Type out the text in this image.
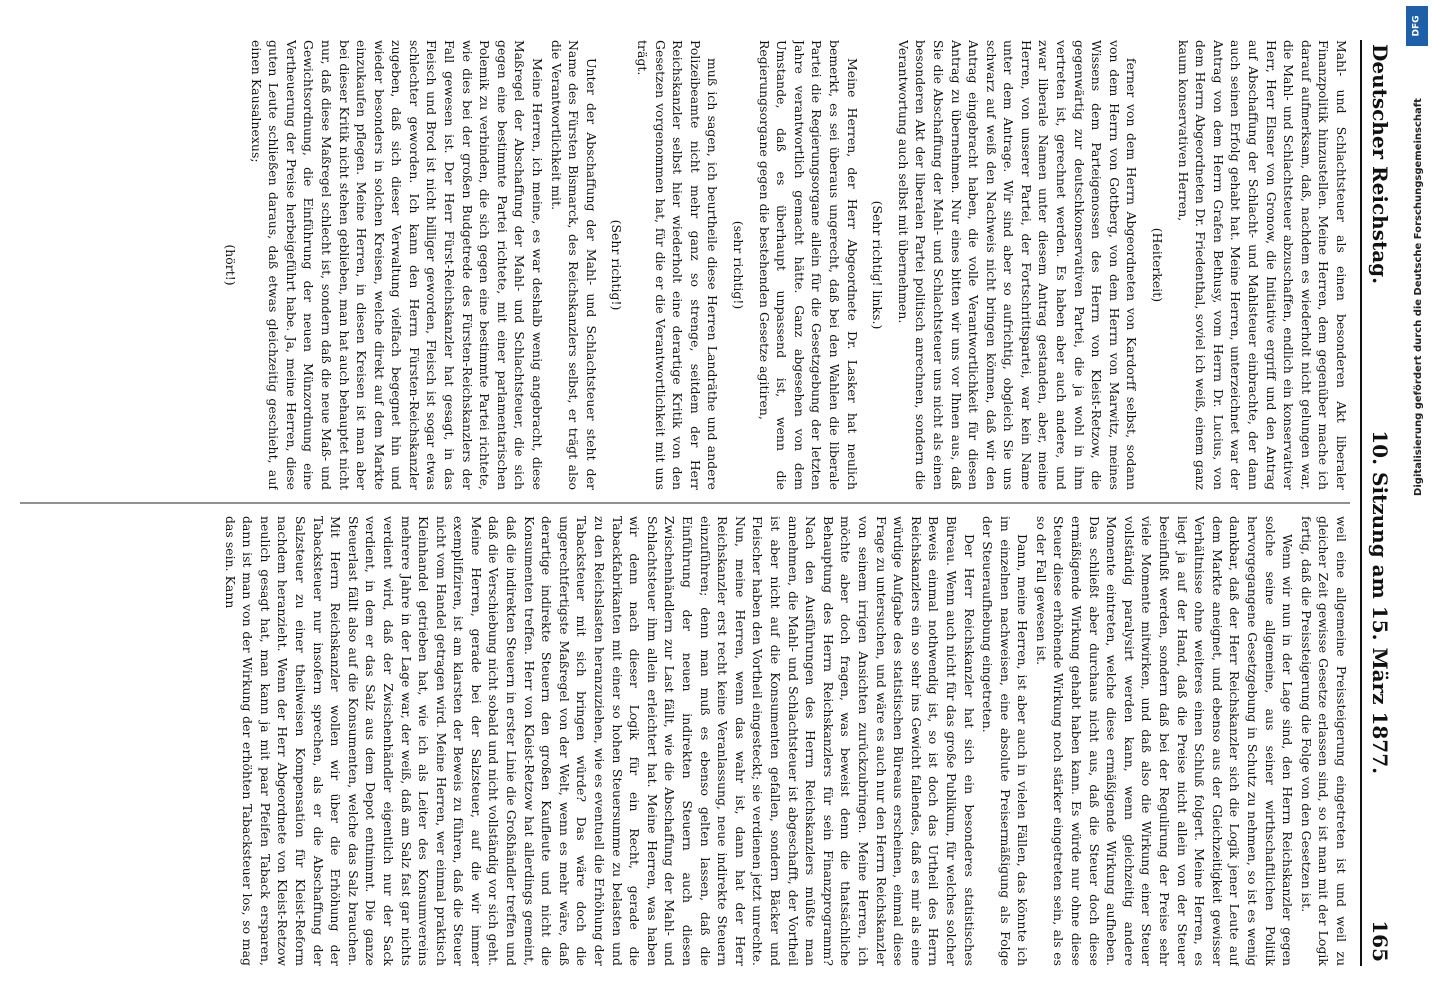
Deutscher Reichstag.
10. Sitzung am 15. März 1877.
165

Mahl- und Schlachtsteuer als einen besonderen Akt liberaler Finanzpolitik hinzustellen. Meine Herren, dem gegenüber mache ich darauf aufmerksam, daß, nachdem es wiederholt nicht gelungen war, die Mahl- und Schlachtsteuer abzuschaffen, endlich ein konservativer Herr, Herr Elsner von Gronow, die Initiative ergriff und den Antrag auf Abschaffung der Schlacht- und Mahlsteuer einbrachte, der dann auch seinen Erfolg gehabt hat. Meine Herren, unterzeichnet war der Antrag von dem Herrn Grafen Bethusy, vom Herrn Dr. Lucius, von dem Herrn Abgeordneten Dr. Friedenthal, soviel ich weiß, einem ganz kaum konservativen Herren,

(Heiterkeit)

ferner von dem Herrn Abgeordneten von Kardorff selbst, sodann von dem Herrn von Gottberg, von dem Herrn von Marwitz, meines Wissens dem Parteigenossen des Herrn von Kleist-Retzow, die gegenwärtig zur deutschkonservativen Partei, die ja wohl in ihm vertreten ist, gerechnet werden. Es haben aber auch andere, und zwar liberale Namen unter diesem Antrag gestanden, aber, meine Herren, von unserer Partei, der Fortschrittspartei, war kein Name unter dem Antrage. Wir sind aber so aufrichtig, obgleich Sie uns schwarz auf weiß den Nachweis nicht bringen können, daß wir den Antrag eingebracht haben, die volle Verantwortlichkeit für diesen Antrag zu übernehmen. Nur eines bitten wir uns vor Ihnen aus, daß Sie die Abschaffung der Mahl- und Schlachtsteuer uns nicht als einen besonderen Akt der liberalen Partei politisch anrechnen, sondern die Verantwortung auch selbst mit übernehmen.

(Sehr richtig! links.)

Meine Herren, der Herr Abgeordnete Dr. Lasker hat neulich bemerkt, es sei überaus ungerecht, daß bei den Wahlen die liberale Partei die Regierungsorgane allein für die Gesetzgebung der letzten Jahre verantwortlich gemacht hätte. Ganz abgesehen von dem Umstande, daß es überhaupt unpassend ist, wenn die Regierungsorgane gegen die bestehenden Gesetze agitiren,

(sehr richtig!)

muß ich sagen, ich beurtheile diese Herren Landräthe und andere Polizeibeamte nicht mehr ganz so strenge, seitdem der Herr Reichskanzler selbst hier wiederholt eine derartige Kritik von den Gesetzen vorgenommen hat, für die er die Verantwortlichkeit mit uns trägt.

(Sehr richtig!)

Unter der Abschaffung der Mahl- und Schlachtsteuer steht der Name des Fürsten Bismarck, des Reichskanzlers selbst, er trägt also die Verantwortlichkeit mit.

Meine Herren, ich meine, es war deshalb wenig angebracht, diese Maßregel der Abschaffung der Mahl- und Schlachtsteuer, die sich gegen eine bestimmte Partei richtete, mit einer parlamentarischen Polemik zu verbinden, die sich gegen eine bestimmte Partei richtete, wie dies bei der großen Budgetrede des Fürsten-Reichskanzlers der Fall gewesen ist. Der Herr Fürst-Reichskanzler hat gesagt, in das Fleisch und Brod ist nicht billiger geworden, Fleisch ist sogar etwas schlechter geworden. Ich kann den Herrn Fürsten-Reichskanzler zugeben, daß sich dieser Verwaltung vielfach begegnet hin und wieder besonders in solchen Kreisen, welche direkt auf dem Markte einzukaufen pflegen. Meine Herren, in diesen Kreisen ist man aber bei dieser Kritik nicht stehen geblieben, man hat auch behauptet nicht nur, daß diese Maßregel schlecht ist, sondern daß die neue Maß- und Gewichtsordnung, die Einführung der neuen Münzordnung eine Vertheuerung der Preise herbeigeführt habe. Ja, meine Herren, diese guten Leute schließen daraus, daß etwas gleichzeitig geschieht, auf einen Kausalnexus;

(hört!)

weil eine allgemeine Preissteigerung eingetreten ist und weil zu gleicher Zeit gewisse Gesetze erlassen sind, so ist man mit der Logik fertig, daß die Preissteigerung die Folge von den Gesetzen ist.

Wenn wir nun in der Lage sind, den Herrn Reichskanzler gegen solche seine allgemeine, aus seiner wirthschaftlichen Politik hervorgegangene Gesetzgebung in Schutz zu nehmen, so ist es wenig dankbar, daß der Herr Reichskanzler sich die Logik jener Leute auf dem Markte aneignet, und ebenso aus der Gleichzeitigkeit gewisser Verhältnisse ohne weiteres einen Schluß folgert. Meine Herren, es liegt ja auf der Hand, daß die Preise nicht allein von der Steuer beeinflußt werden, sondern daß bei der Regulirung der Preise sehr viele Momente mitwirken, und daß also die Wirkung einer Steuer vollständig paralysirt werden kann, wenn gleichzeitig andere Momente eintreten, welche diese ermäßigende Wirkung aufheben. Das schließt aber durchaus nicht aus, daß die Steuer doch diese ermäßigende Wirkung gehabt haben kann. Es würde nur ohne diese Steuer diese erhöhende Wirkung noch stärker eingetreten sein, als es so der Fall gewesen ist.

Dann, meine Herren, ist aber auch in vielen Fällen, das könnte ich im einzelnen nachweisen, eine absolute Preisermäßigung als Folge der Steueraufhebung eingetreten.

Der Herr Reichskanzler hat sich ein besonderes statistisches Büreau. Wenn auch nicht für das große Publikum, für welches solcher Beweis einmal nothwendig ist, so ist doch das Urtheil des Herrn Reichskanzlers ein so sehr ins Gewicht fallendes, daß es mir als eine würdige Aufgabe des statistischen Büreaus erscheinen, einmal diese Frage zu untersuchen, und wäre es auch nur den Herrn Reichskanzler von seinem irrigen Ansichten zurückzubringen. Meine Herren, ich möchte aber doch fragen, was beweist denn die thatsächliche Behauptung des Herrn Reichskanzlers für sein Finanzprogramm? Nach den Ausführungen des Herrn Reichskanzlers müßte man annehmen, die Mahl- und Schlachtsteuer ist abgeschafft, der Vortheil ist aber nicht auf die Konsumenten gefallen, sondern Bäcker und Fleischer haben den Vortheil eingesteckt; sie verdienen jetzt unrechte. Nun, meine Herren, wenn das wahr ist, dann hat der Herr Reichskanzler erst recht keine Veranlassung, neue indirekte Steuern einzuführen; denn man muß es ebenso gelten lassen, daß die Einführung der neuen indirekten Steuern auch diesen Zwischenhändlern zur Last fällt, wie die Abschaffung der Mahl- und Schlachtsteuer ihm allein erleichtert hat. Meine Herren, was haben wir denn nach dieser Logik für ein Recht, gerade die Tabackfabrikanten mit einer so hohen Steuersumme zu belasten und zu den Reichslasten heranzuziehen, wie es eventuell die Erhöhung der Tabacksteuer mit sich bringen würde? Das wäre doch die ungerechtfertigste Maßregel von der Welt, wenn es mehr wäre, daß derartige indirekte Steuern den großen Kaufleute und nicht die Konsumenten treffen. Herr von Kleist-Retzow hat allerdings gemeint, daß die indirekten Steuern in erster Linie die Großhändler treffen und daß die Verschiebung nicht sobald und nicht vollständig vor sich geht. Meine Herren, gerade bei der Salzsteuer, auf die wir immer exemplifiziren, ist am klarsten der Beweis zu führen, daß die Steuer nicht vom Handel getragen wird. Meine Herren, wer einmal praktisch Kleinhandel getrieben hat, wie ich als Leiter des Konsumvereins mehrere Jahre in der Lage war, der weiß, daß am Salz fast gar nichts verdient wird, daß der Zwischenhändler eigentlich nur der Sack verdient, in dem er das Salz aus dem Depot entnimmt. Die ganze Steuerlast fällt also auf die Konsumenten, welche das Salz brauchen. Mit Herrn Reichskanzler wollen wir über die Erhöhung der Tabacksteuer nur insofern sprechen, als er die Abschaffung der Salzsteuer zu einer theilweisen Kompensation für Kleist-Reform nachdem heranzieht. Wenn der Herr Abgeordnete von Kleist-Retzow neulich gesagt hat, man kann ja mit paar Pfeifen Taback ersparen, dann ist man von der Wirkung der erhöhten Tabacksteuer los, so mag das sein. Kann

DFG
Digitalisierung gefördert durch die Deutsche Forschungsgemeinschaft
